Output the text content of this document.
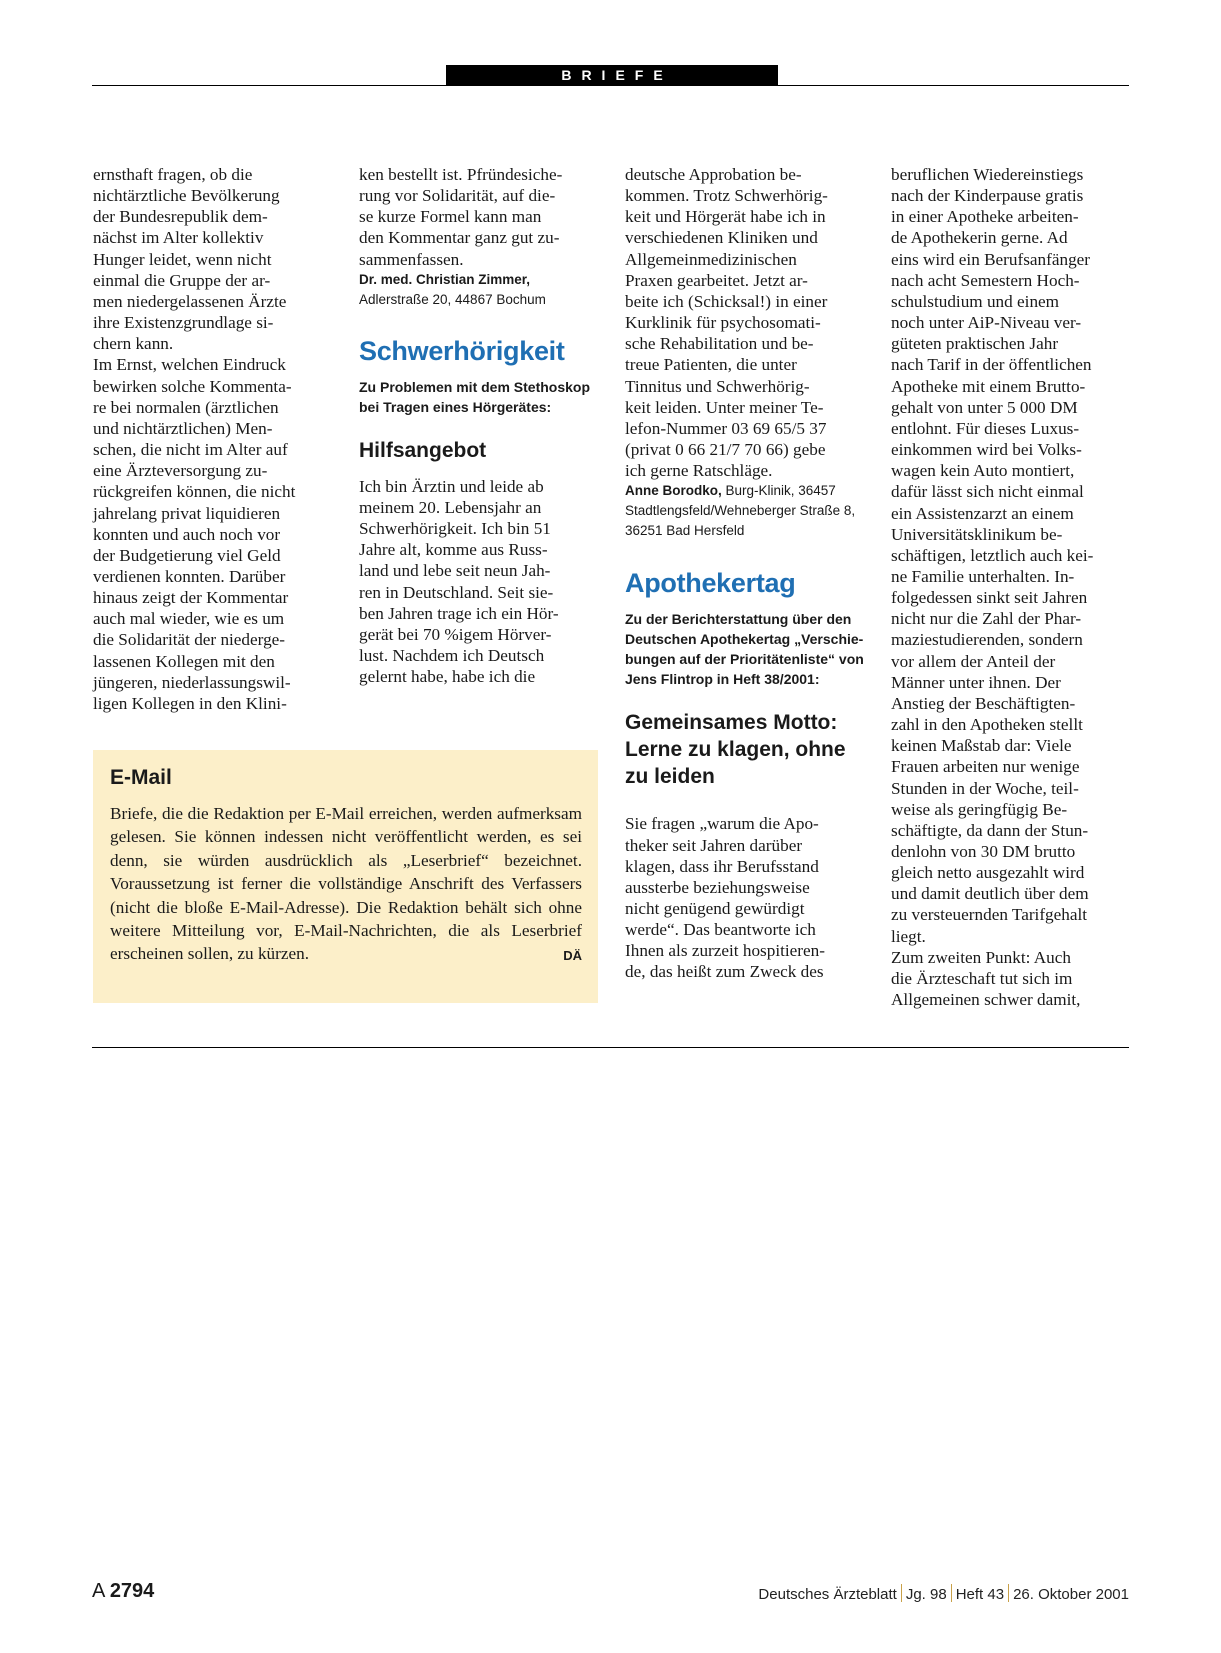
BRIEFE

ernsthaft fragen, ob die
nichtärztliche Bevölkerung
der Bundesrepublik dem-
nächst im Alter kollektiv
Hunger leidet, wenn nicht
einmal die Gruppe der ar-
men niedergelassenen Ärzte
ihre Existenzgrundlage si-
chern kann.
Im Ernst, welchen Eindruck
bewirken solche Kommenta-
re bei normalen (ärztlichen
und nichtärztlichen) Men-
schen, die nicht im Alter auf
eine Ärzteversorgung zu-
rückgreifen können, die nicht
jahrelang privat liquidieren
konnten und auch noch vor
der Budgetierung viel Geld
verdienen konnten. Darüber
hinaus zeigt der Kommentar
auch mal wieder, wie es um
die Solidarität der niederge-
lassenen Kollegen mit den
jüngeren, niederlassungswil-
ligen Kollegen in den Klini-

ken bestellt ist. Pfründesiche-
rung vor Solidarität, auf die-
se kurze Formel kann man
den Kommentar ganz gut zu-
sammenfassen.

Dr. med. Christian Zimmer,
Adlerstraße 20, 44867 Bochum
Schwerhörigkeit

Zu Problemen mit dem Stethoskop
bei Tragen eines Hörgerätes:

Hilfsangebot

Ich bin Ärztin und leide ab
meinem 20. Lebensjahr an
Schwerhörigkeit. Ich bin 51
Jahre alt, komme aus Russ-
land und lebe seit neun Jah-
ren in Deutschland. Seit sie-
ben Jahren trage ich ein Hör-
gerät bei 70 %igem Hörver-
lust. Nachdem ich Deutsch
gelernt habe, habe ich die

deutsche Approbation be-
kommen. Trotz Schwerhörig-
keit und Hörgerät habe ich in
verschiedenen Kliniken und
Allgemeinmedizinischen
Praxen gearbeitet. Jetzt ar-
beite ich (Schicksal!) in einer
Kurklinik für psychosomati-
sche Rehabilitation und be-
treue Patienten, die unter
Tinnitus und Schwerhörig-
keit leiden. Unter meiner Te-
lefon-Nummer 03 69 65/5 37
(privat 0 66 21/7 70 66) gebe
ich gerne Ratschläge.

Anne Borodko, Burg-Klinik, 36457
Stadtlengsfeld/Wehneberger Straße 8,
36251 Bad Hersfeld
Apothekertag

Zu der Berichterstattung über den
Deutschen Apothekertag „Verschie-
bungen auf der Prioritätenliste“ von
Jens Flintrop in Heft 38/2001:

Gemeinsames Motto:
Lerne zu klagen, ohne
zu leiden

Sie fragen „warum die Apo-
theker seit Jahren darüber
klagen, dass ihr Berufsstand
aussterbe beziehungsweise
nicht genügend gewürdigt
werde“. Das beantworte ich
Ihnen als zurzeit hospitieren-
de, das heißt zum Zweck des

beruflichen Wiedereinstiegs
nach der Kinderpause gratis
in einer Apotheke arbeiten-
de Apothekerin gerne. Ad
eins wird ein Berufsanfänger
nach acht Semestern Hoch-
schulstudium und einem
noch unter AiP-Niveau ver-
güteten praktischen Jahr
nach Tarif in der öffentlichen
Apotheke mit einem Brutto-
gehalt von unter 5 000 DM
entlohnt. Für dieses Luxus-
einkommen wird bei Volks-
wagen kein Auto montiert,
dafür lässt sich nicht einmal
ein Assistenzarzt an einem
Universitätsklinikum be-
schäftigen, letztlich auch kei-
ne Familie unterhalten. In-
folgedessen sinkt seit Jahren
nicht nur die Zahl der Phar-
maziestudierenden, sondern
vor allem der Anteil der
Männer unter ihnen. Der
Anstieg der Beschäftigten-
zahl in den Apotheken stellt
keinen Maßstab dar: Viele
Frauen arbeiten nur wenige
Stunden in der Woche, teil-
weise als geringfügig Be-
schäftigte, da dann der Stun-
denlohn von 30 DM brutto
gleich netto ausgezahlt wird
und damit deutlich über dem
zu versteuernden Tarifgehalt
liegt.
Zum zweiten Punkt: Auch
die Ärzteschaft tut sich im
Allgemeinen schwer damit,

E-Mail

Briefe, die die Redaktion per E-Mail erreichen, werden aufmerksam gelesen. Sie können indessen nicht veröffentlicht werden, es sei denn, sie würden ausdrücklich als „Leserbrief“ bezeichnet. Voraussetzung ist ferner die vollständige Anschrift des Verfassers (nicht die bloße E-Mail-Adresse). Die Redaktion behält sich ohne weitere Mitteilung vor, E-Mail-Nachrichten, die als Leserbrief erscheinen sollen, zu kürzen.	DÄ

A 2794	Deutsches Ärzteblatt Jg. 98 Heft 43 26. Oktober 2001
